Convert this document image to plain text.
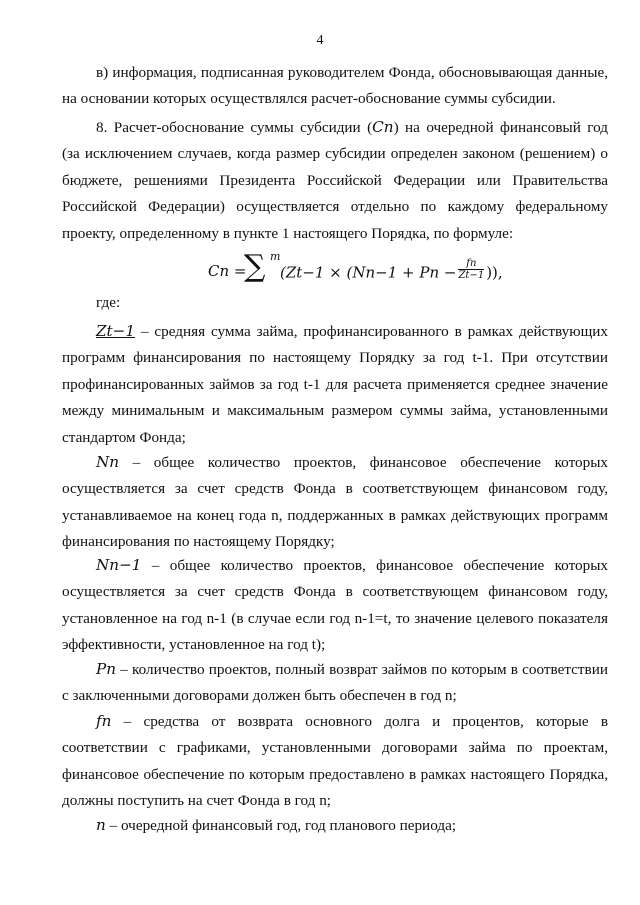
4

в) информация, подписанная руководителем Фонда, обосновывающая данные, на основании которых осуществлялся расчет-обоснование суммы субсидии.

8. Расчет-обоснование суммы субсидии (Cn) на очередной финансовый год (за исключением случаев, когда размер субсидии определен законом (решением) о бюджете, решениями Президента Российской Федерации или Правительства Российской Федерации) осуществляется отдельно по каждому федеральному проекту, определенному в пункте 1 настоящего Порядка, по формуле:

Cn =
∑ m
($Zt-1 \times (Nn-1 + Pn - \frac{fn}{Zt-1}$ )),

где:

Zt−1 – средняя сумма займа, профинансированного в рамках действующих программ финансирования по настоящему Порядку за год t-1. При отсутствии профинансированных займов за год t-1 для расчета применяется среднее значение между минимальным и максимальным размером суммы займа, установленными стандартом Фонда;

Nn – общее количество проектов, финансовое обеспечение которых осуществляется за счет средств Фонда в соответствующем финансовом году, устанавливаемое на конец года n, поддержанных в рамках действующих программ финансирования по настоящему Порядку;

Nn−1 – общее количество проектов, финансовое обеспечение которых осуществляется за счет средств Фонда в соответствующем финансовом году, установленное на год n-1 (в случае если год n-1=t, то значение целевого показателя эффективности, установленное на год t);

Pn – количество проектов, полный возврат займов по которым в соответствии с заключенными договорами должен быть обеспечен в год n;

fn – средства от возврата основного долга и процентов, которые в соответствии с графиками, установленными договорами займа по проектам, финансовое обеспечение по которым предоставлено в рамках настоящего Порядка, должны поступить на счет Фонда в год n;

n – очередной финансовый год, год планового периода;
